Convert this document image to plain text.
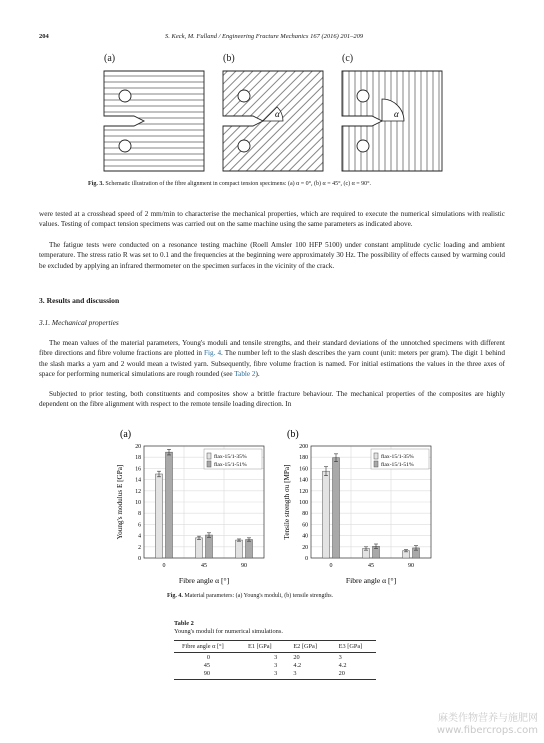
204	S. Keck, M. Fulland / Engineering Fracture Mechanics 167 (2016) 201–209
(a)	(b)	(c)
α	α
Fig. 3. Schematic illustration of the fibre alignment in compact tension specimens: (a) α = 0°, (b) α = 45°, (c) α = 90°.

were tested at a crosshead speed of 2 mm/min to characterise the mechanical properties, which are required to execute the numerical simulations with realistic values. Testing of compact tension specimens was carried out on the same machine using the same parameters as indicated above.

The fatigue tests were conducted on a resonance testing machine (Roell Amsler 100 HFP 5100) under constant amplitude cyclic loading and ambient temperature. The stress ratio R was set to 0.1 and the frequencies at the beginning were approximately 30 Hz. The possibility of effects caused by warming could be excluded by applying an infrared thermometer on the specimen surfaces in the vicinity of the crack.

3. Results and discussion
3.1. Mechanical properties

The mean values of the material parameters, Young's moduli and tensile strengths, and their standard deviations of the unnotched specimens with different fibre directions and fibre volume fractions are plotted in Fig. 4. The number left to the slash describes the yarn count (unit: meters per gram). The digit 1 behind the slash marks a yarn and 2 would mean a twisted yarn. Subsequently, fibre volume fraction is named. For initial estimations the values in the three axes of space for performing numerical simulations are rough rounded (see Table 2).

Subjected to prior testing, both constituents and composites show a brittle fracture behaviour. The mechanical properties of the composites are highly dependent on the fibre alignment with respect to the remote tensile loading direction. In

(a)
0
2
4
6
8
10
12
14
16
18
20
0	45	90
flax-15/1-35%
flax-15/1-51%
Fibre angle α [°]
Young's modulus E [GPa]
(b)
0
20
40
60
80
100
120
140
160
180
200
0	45	90
flax-15/1-35%
flax-15/1-51%
Fibre angle α [°]
Tensile strength σu [MPa]
Fig. 4. Material parameters: (a) Young's moduli, (b) tensile strengths.
Table 2
Young's moduli for numerical simulations.
Fibre angle α [°]	E1 [GPa]	E2 [GPa]	E3 [GPa]
0	3	20	3
45	3	4.2	4.2
90	3	3	20
麻类作物营养与施肥网
www.fibercrops.com
